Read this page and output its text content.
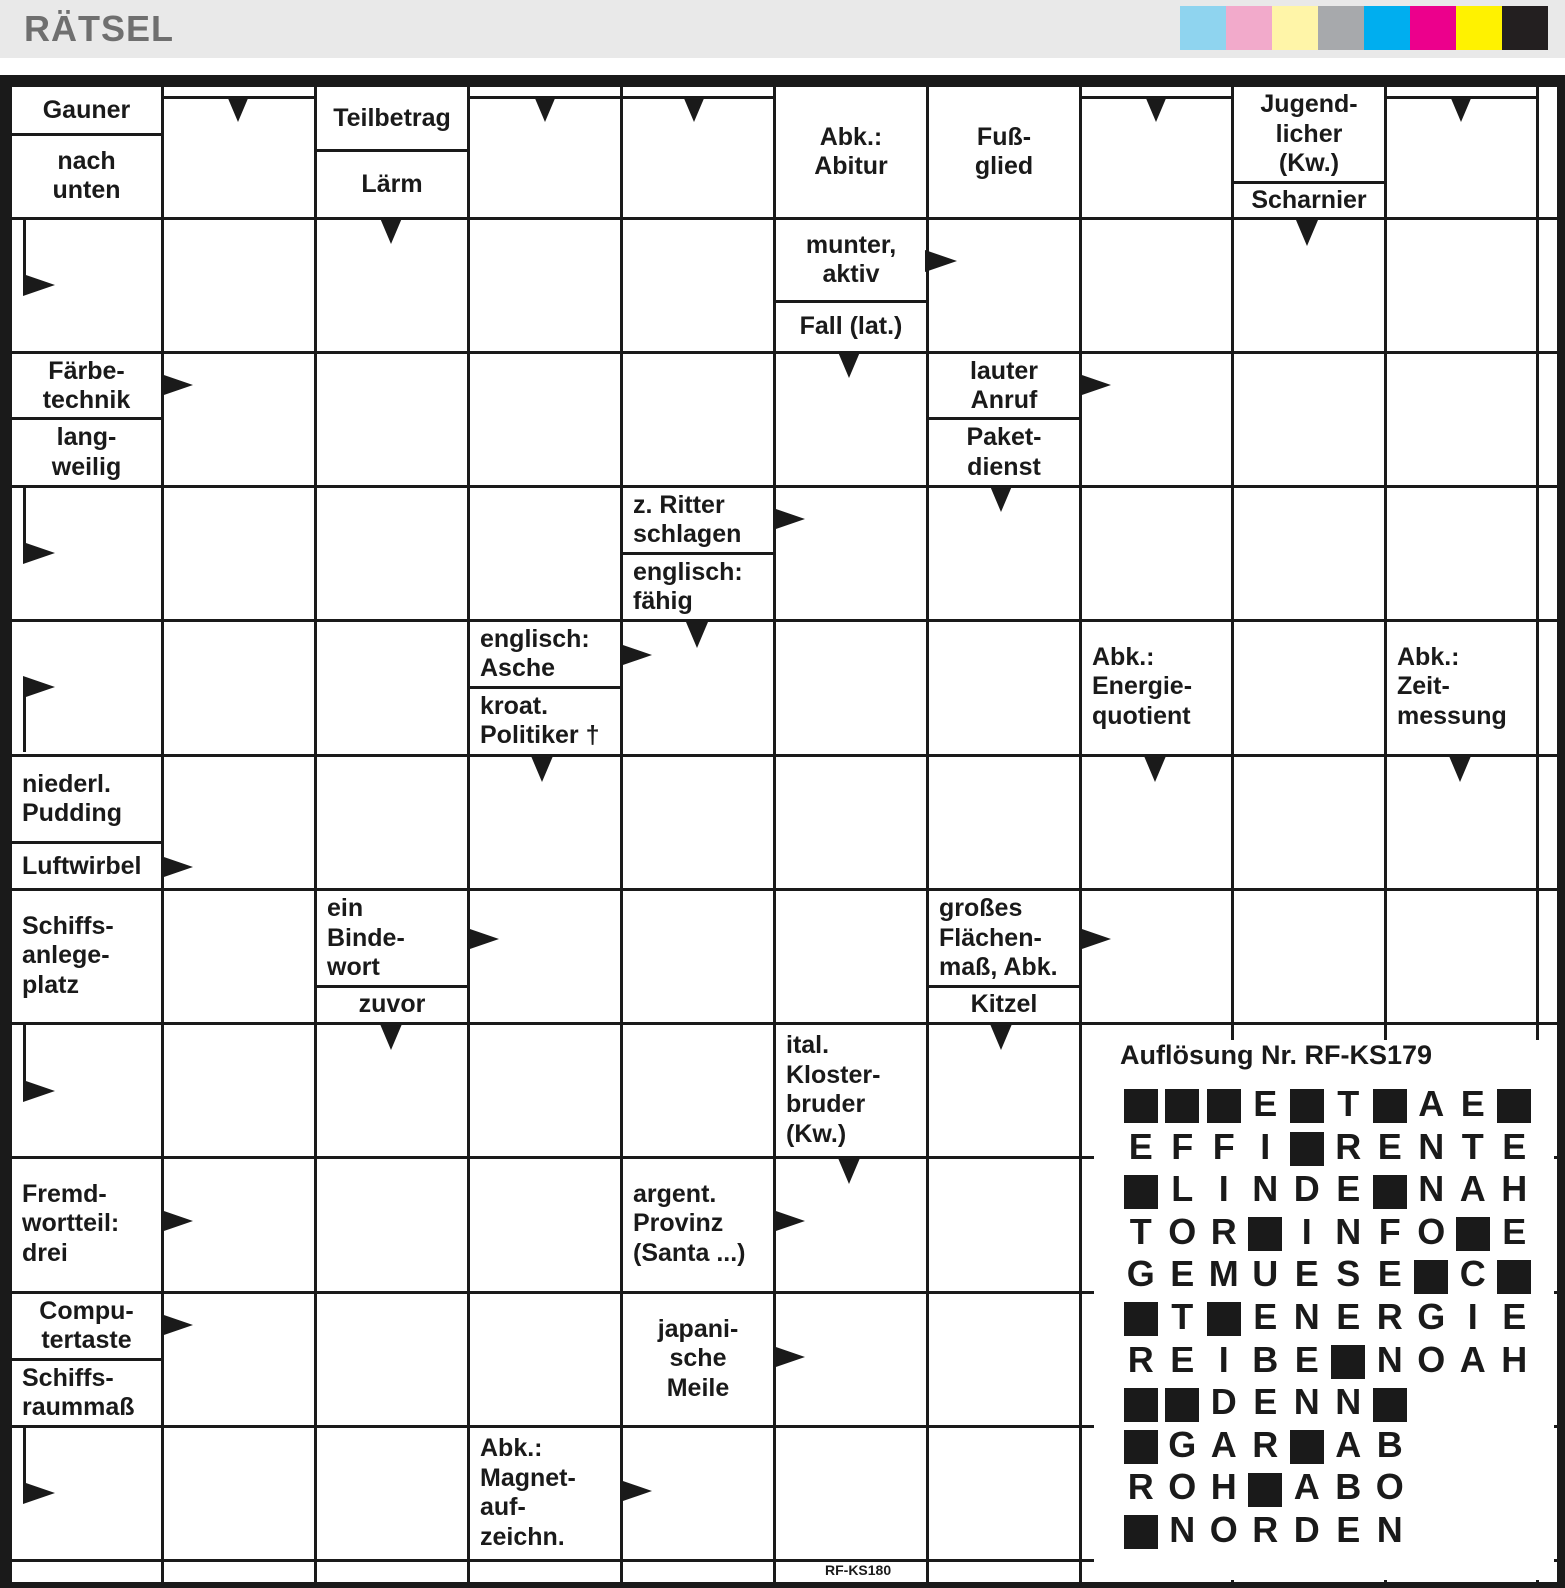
RÄTSEL
Gauner
nach
unten
Teilbetrag
Lärm
Abk.:
Abitur
Fuß-
glied
Jugend-
licher
(Kw.)
Scharnier
munter,
aktiv
Fall (lat.)
Färbe-
technik
lang-
weilig
lauter
Anruf
Paket-
dienst
z. Ritter
schlagen
englisch:
fähig
englisch:
Asche
kroat.
Politiker †
Abk.:
Energie-
quotient
Abk.:
Zeit-
messung
niederl.
Pudding
Luftwirbel
Schiffs-
anlege-
platz
ein
Binde-
wort
zuvor
großes
Flächen-
maß, Abk.
Kitzel
ital.
Kloster-
bruder
(Kw.)
Fremd-
wortteil:
drei
argent.
Provinz
(Santa ...)
Compu-
tertaste
Schiffs-
raummaß
japani-
sche
Meile
Abk.:
Magnet-
auf-
zeichn.
Auflösung Nr. RF-KS179
E T A E
E F F I	R E N T E
L I N D E N A H
T O R	I N F O E
G E M U E S E C
T E N E R G I E
R E I B E N O A H
D E N N
G A R A B
R O H A B O
N O R D E N
RF-KS180
